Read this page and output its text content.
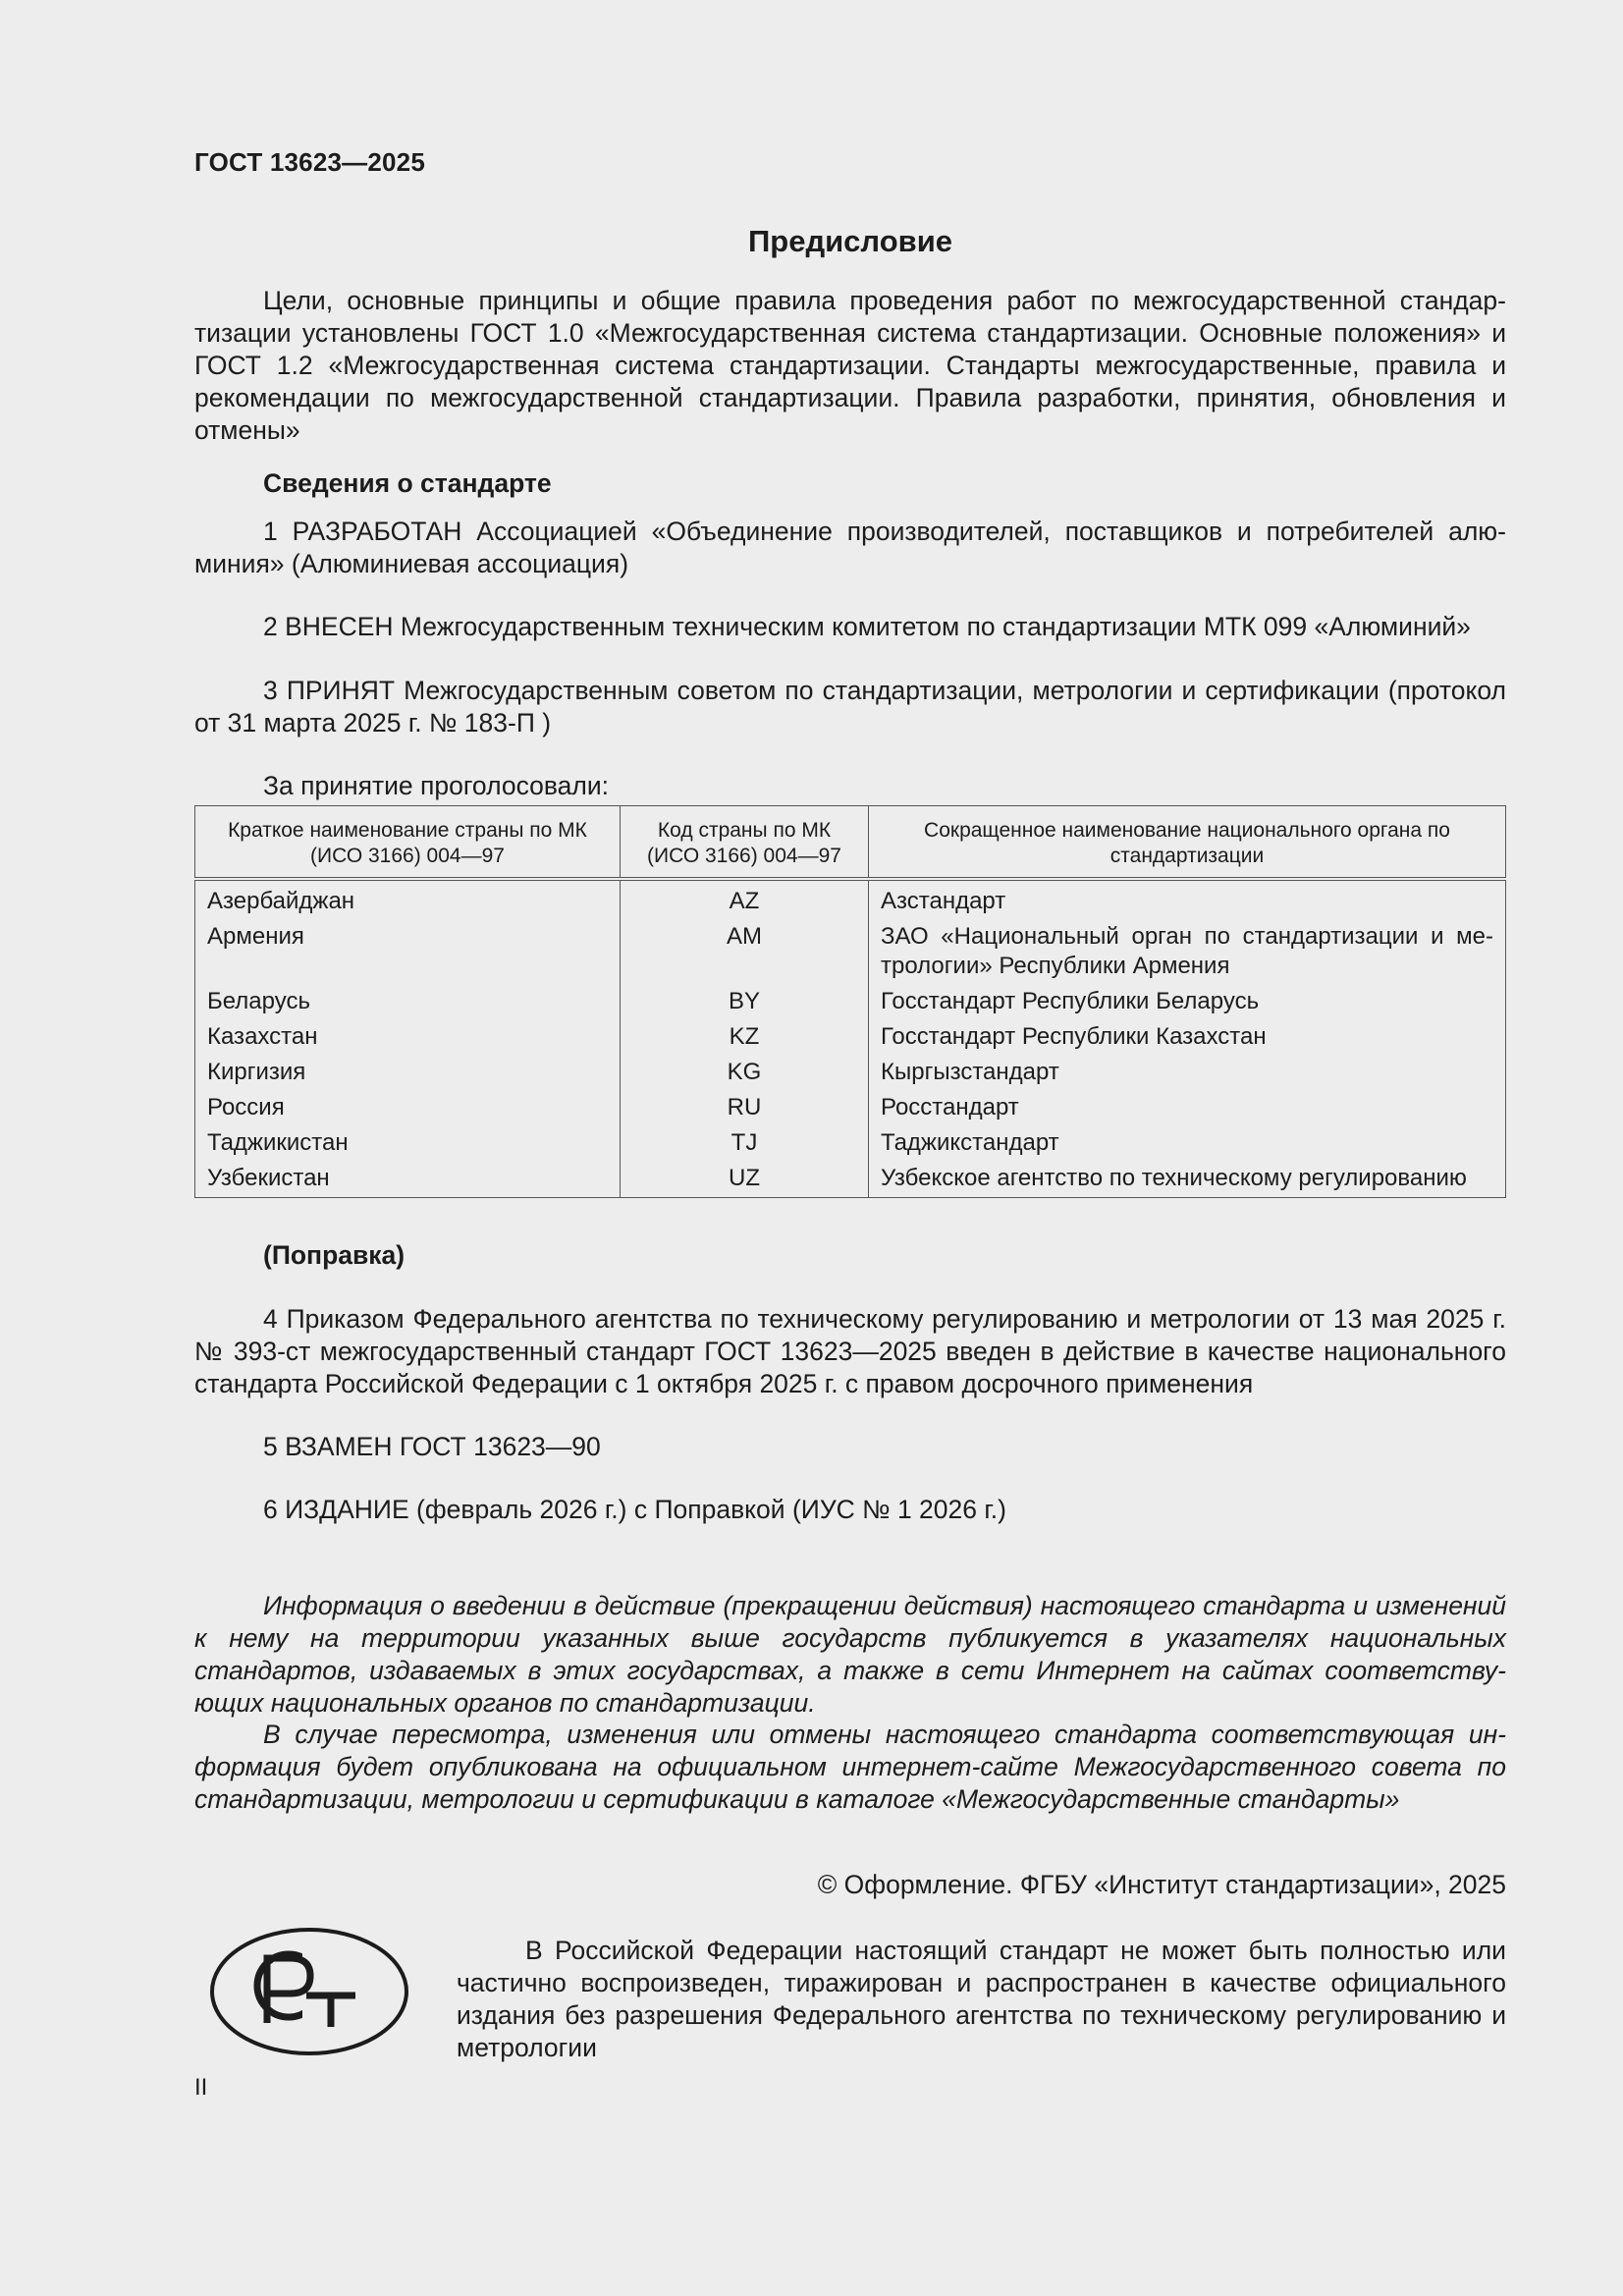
ГОСТ 13623—2025
Предисловие
Цели, основные принципы и общие правила проведения работ по межгосударственной стандартизации установлены ГОСТ 1.0 «Межгосударственная система стандартизации. Основные положения» и ГОСТ 1.2 «Межгосударственная система стандартизации. Стандарты межгосударственные, правила и рекомендации по межгосударственной стандартизации. Правила разработки, принятия, обновления и отмены»
Сведения о стандарте
1 РАЗРАБОТАН Ассоциацией «Объединение производителей, поставщиков и потребителей алюминия» (Алюминиевая ассоциация)
2 ВНЕСЕН Межгосударственным техническим комитетом по стандартизации МТК 099 «Алюминий»
3 ПРИНЯТ Межгосударственным советом по стандартизации, метрологии и сертификации (протокол от 31 марта 2025 г. № 183-П )
За принятие проголосовали:
Краткое наименование страны по МК (ИСО 3166) 004—97	Код страны по МК (ИСО 3166) 004—97	Сокращенное наименование национального органа по стандартизации
Азербайджан	AZ	Азстандарт
Армения	AM	ЗАО «Национальный орган по стандартизации и метрологии» Республики Армения
Беларусь	BY	Госстандарт Республики Беларусь
Казахстан	KZ	Госстандарт Республики Казахстан
Киргизия	KG	Кыргызстандарт
Россия	RU	Росстандарт
Таджикистан	TJ	Таджикстандарт
Узбекистан	UZ	Узбекское агентство по техническому регулированию
(Поправка)
4 Приказом Федерального агентства по техническому регулированию и метрологии от 13 мая 2025 г. № 393-ст межгосударственный стандарт ГОСТ 13623—2025 введен в действие в качестве национального стандарта Российской Федерации с 1 октября 2025 г. с правом досрочного применения
5 ВЗАМЕН ГОСТ 13623—90
6 ИЗДАНИЕ (февраль 2026 г.) с Поправкой (ИУС № 1 2026 г.)
Информация о введении в действие (прекращении действия) настоящего стандарта и изменений к нему на территории указанных выше государств публикуется в указателях национальных стандартов, издаваемых в этих государствах, а также в сети Интернет на сайтах соответствующих национальных органов по стандартизации.
В случае пересмотра, изменения или отмены настоящего стандарта соответствующая информация будет опубликована на официальном интернет-сайте Межгосударственного совета по стандартизации, метрологии и сертификации в каталоге «Межгосударственные стандарты»
© Оформление. ФГБУ «Институт стандартизации», 2025
В Российской Федерации настоящий стандарт не может быть полностью или частично воспроизведен, тиражирован и распространен в качестве официального издания без разрешения Федерального агентства по техническому регулированию и метрологии
II
